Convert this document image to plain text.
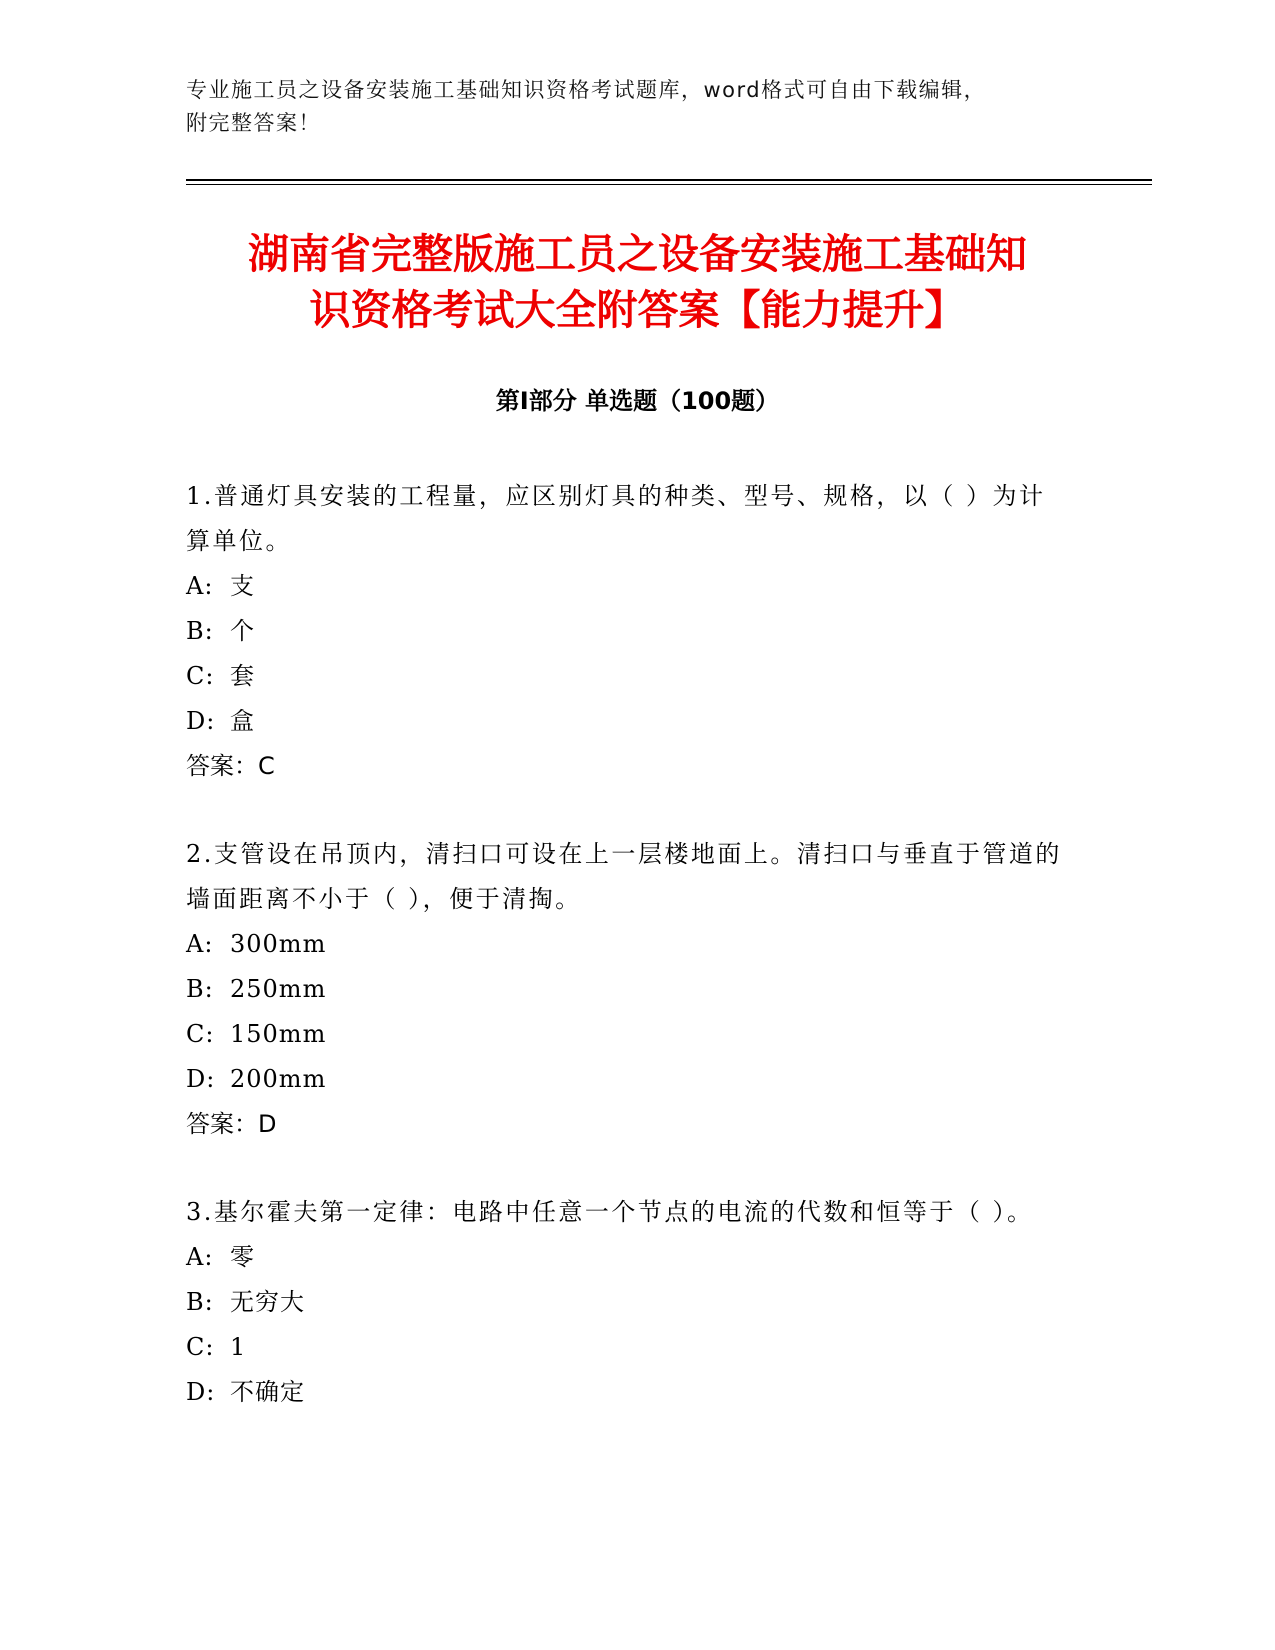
专业施工员之设备安装施工基础知识资格考试题库，word格式可自由下载编辑，
附完整答案！
湖南省完整版施工员之设备安装施工基础知
识资格考试大全附答案【能力提升】
第Ⅰ部分 单选题（100题）

1.普通灯具安装的工程量，应区别灯具的种类、型号、规格，以（ ）为计算单位。

A: 支
B: 个
C: 套
D: 盒

答案：C

2.支管设在吊顶内，清扫口可设在上一层楼地面上。清扫口与垂直于管道的墙面距离不小于（ ），便于清掏。

A: 300mm
B: 250mm
C: 150mm
D: 200mm

答案：D

3.基尔霍夫第一定律：电路中任意一个节点的电流的代数和恒等于（ ）。

A: 零
B: 无穷大
C: 1
D: 不确定
